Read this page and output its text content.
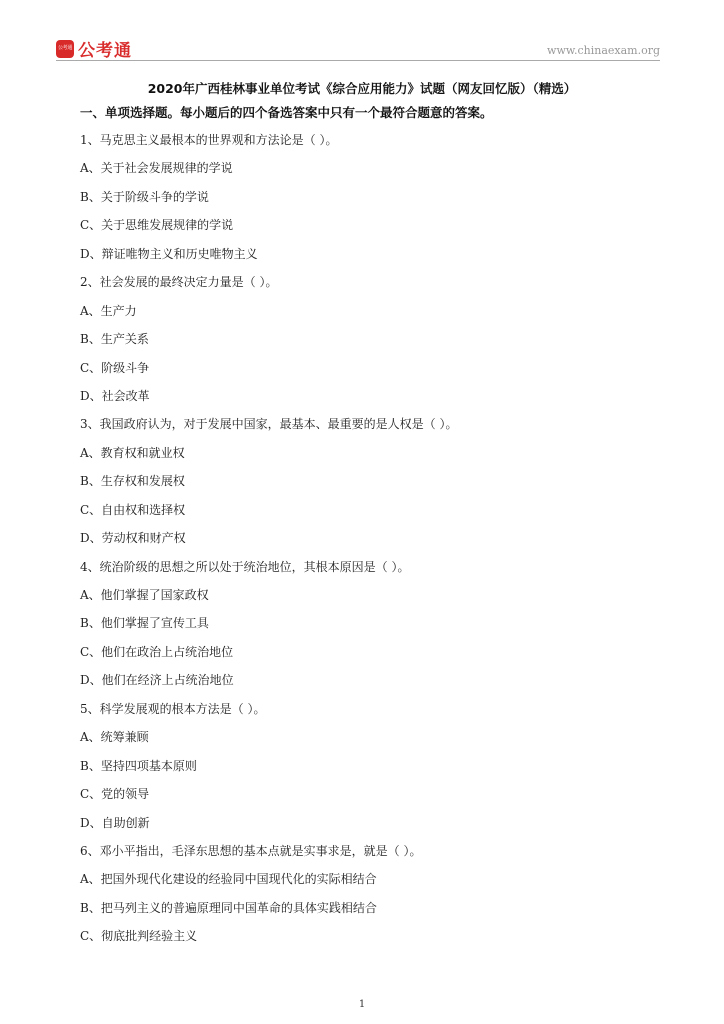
公考通 公考通	www.chinaexam.org
2020年广西桂林事业单位考试《综合应用能力》试题（网友回忆版）（精选）
一、单项选择题。每小题后的四个备选答案中只有一个最符合题意的答案。
1、马克思主义最根本的世界观和方法论是（ ）。
A、关于社会发展规律的学说
B、关于阶级斗争的学说
C、关于思维发展规律的学说
D、辩证唯物主义和历史唯物主义
2、社会发展的最终决定力量是（ ）。
A、生产力
B、生产关系
C、阶级斗争
D、社会改革
3、我国政府认为，对于发展中国家，最基本、最重要的是人权是（ ）。
A、教育权和就业权
B、生存权和发展权
C、自由权和选择权
D、劳动权和财产权
4、统治阶级的思想之所以处于统治地位，其根本原因是（ ）。
A、他们掌握了国家政权
B、他们掌握了宣传工具
C、他们在政治上占统治地位
D、他们在经济上占统治地位
5、科学发展观的根本方法是（ ）。
A、统筹兼顾
B、坚持四项基本原则
C、党的领导
D、自助创新
6、邓小平指出，毛泽东思想的基本点就是实事求是，就是（ ）。
A、把国外现代化建设的经验同中国现代化的实际相结合
B、把马列主义的普遍原理同中国革命的具体实践相结合
C、彻底批判经验主义
1
